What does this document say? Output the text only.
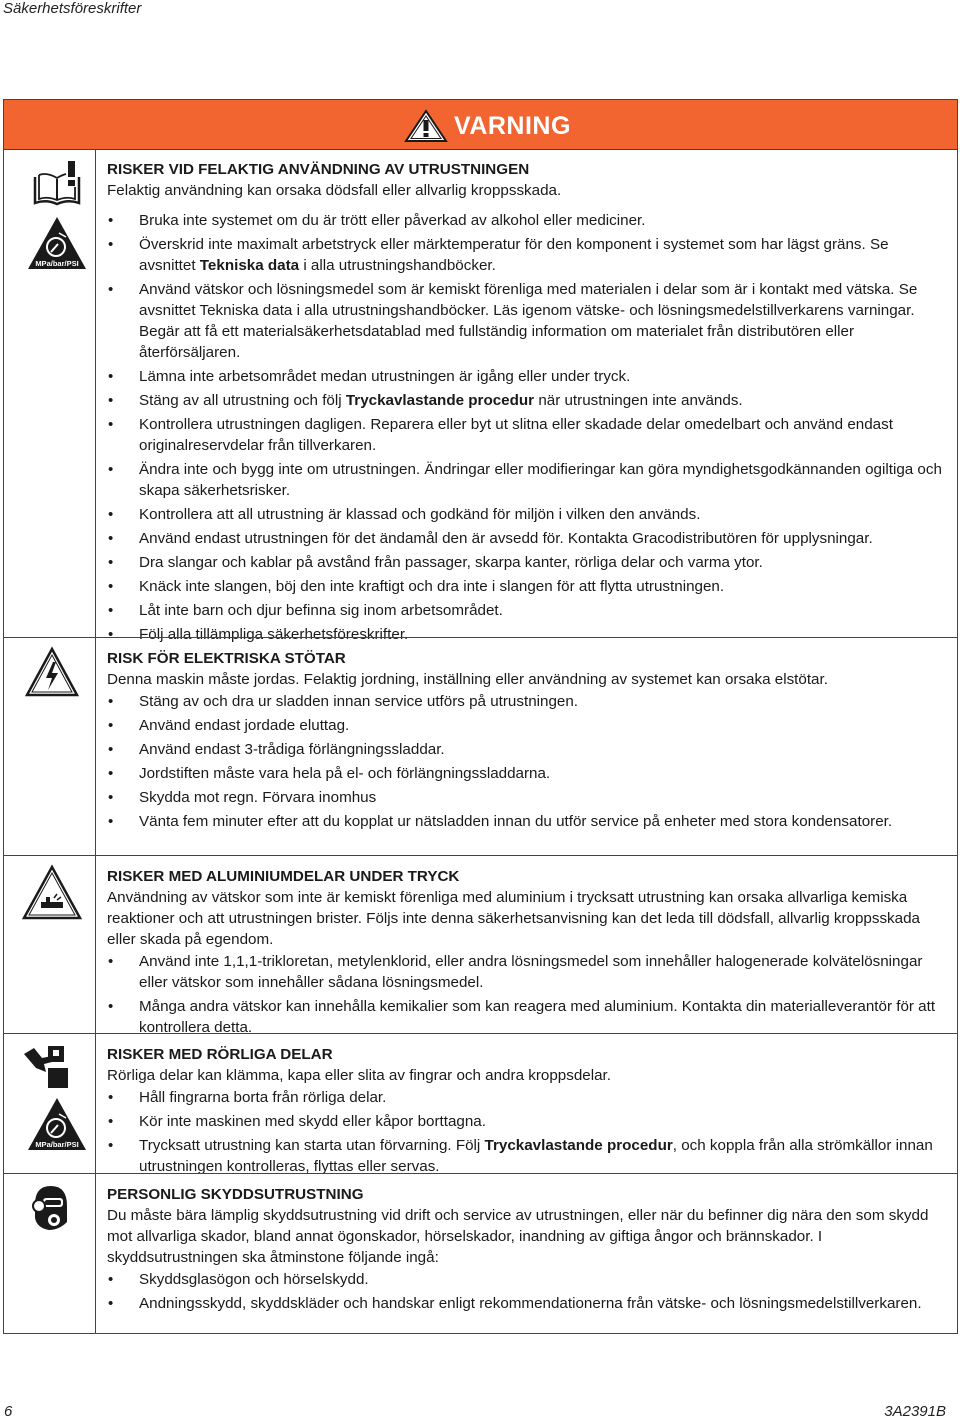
Säkerhetsföreskrifter
VARNING
MPa/bar/PSI
RISKER VID FELAKTIG ANVÄNDNING AV UTRUSTNINGEN

Felaktig användning kan orsaka dödsfall eller allvarlig kroppsskada.

• Bruka inte systemet om du är trött eller påverkad av alkohol eller mediciner.
• Överskrid inte maximalt arbetstryck eller märktemperatur för den komponent i systemet som har lägst gräns. Se avsnittet Tekniska data i alla utrustningshandböcker.
• Använd vätskor och lösningsmedel som är kemiskt förenliga med materialen i delar som är i kontakt med vätska. Se avsnittet Tekniska data i alla utrustningshandböcker. Läs igenom vätske- och lösningsmedelstillverkarens varningar. Begär att få ett materialsäkerhetsdatablad med fullständig information om materialet från distributören eller återförsäljaren.
• Lämna inte arbetsområdet medan utrustningen är igång eller under tryck.
• Stäng av all utrustning och följ Tryckavlastande procedur när utrustningen inte används.
• Kontrollera utrustningen dagligen. Reparera eller byt ut slitna eller skadade delar omedelbart och använd endast originalreservdelar från tillverkaren.
• Ändra inte och bygg inte om utrustningen. Ändringar eller modifieringar kan göra myndighetsgodkännanden ogiltiga och skapa säkerhetsrisker.
• Kontrollera att all utrustning är klassad och godkänd för miljön i vilken den används.
• Använd endast utrustningen för det ändamål den är avsedd för. Kontakta Gracodistributören för upplysningar.
• Dra slangar och kablar på avstånd från passager, skarpa kanter, rörliga delar och varma ytor.
• Knäck inte slangen, böj den inte kraftigt och dra inte i slangen för att flytta utrustningen.
• Låt inte barn och djur befinna sig inom arbetsområdet.
• Följ alla tillämpliga säkerhetsföreskrifter.
RISK FÖR ELEKTRISKA STÖTAR

Denna maskin måste jordas. Felaktig jordning, inställning eller användning av systemet kan orsaka elstötar.

• Stäng av och dra ur sladden innan service utförs på utrustningen.
• Använd endast jordade eluttag.
• Använd endast 3-trådiga förlängningssladdar.
• Jordstiften måste vara hela på el- och förlängningssladdarna.
• Skydda mot regn. Förvara inomhus
• Vänta fem minuter efter att du kopplat ur nätsladden innan du utför service på enheter med stora kondensatorer.
RISKER MED ALUMINIUMDELAR UNDER TRYCK

Användning av vätskor som inte är kemiskt förenliga med aluminium i trycksatt utrustning kan orsaka allvarliga kemiska reaktioner och att utrustningen brister. Följs inte denna säkerhetsanvisning kan det leda till dödsfall, allvarlig kroppsskada eller skada på egendom.

• Använd inte 1,1,1-trikloretan, metylenklorid, eller andra lösningsmedel som innehåller halogenerade kolvätelösningar eller vätskor som innehåller sådana lösningsmedel.
• Många andra vätskor kan innehålla kemikalier som kan reagera med aluminium. Kontakta din materialleverantör för att kontrollera detta.
MPa/bar/PSI
RISKER MED RÖRLIGA DELAR

Rörliga delar kan klämma, kapa eller slita av fingrar och andra kroppsdelar.

• Håll fingrarna borta från rörliga delar.
• Kör inte maskinen med skydd eller kåpor borttagna.
• Trycksatt utrustning kan starta utan förvarning. Följ Tryckavlastande procedur, och koppla från alla strömkällor innan utrustningen kontrolleras, flyttas eller servas.
PERSONLIG SKYDDSUTRUSTNING

Du måste bära lämplig skyddsutrustning vid drift och service av utrustningen, eller när du befinner dig nära den som skydd mot allvarliga skador, bland annat ögonskador, hörselskador, inandning av giftiga ångor och brännskador. I skyddsutrustningen ska åtminstone följande ingå:

• Skyddsglasögon och hörselskydd.
• Andningsskydd, skyddskläder och handskar enligt rekommendationerna från vätske- och lösningsmedelstillverkaren.
6	3A2391B
